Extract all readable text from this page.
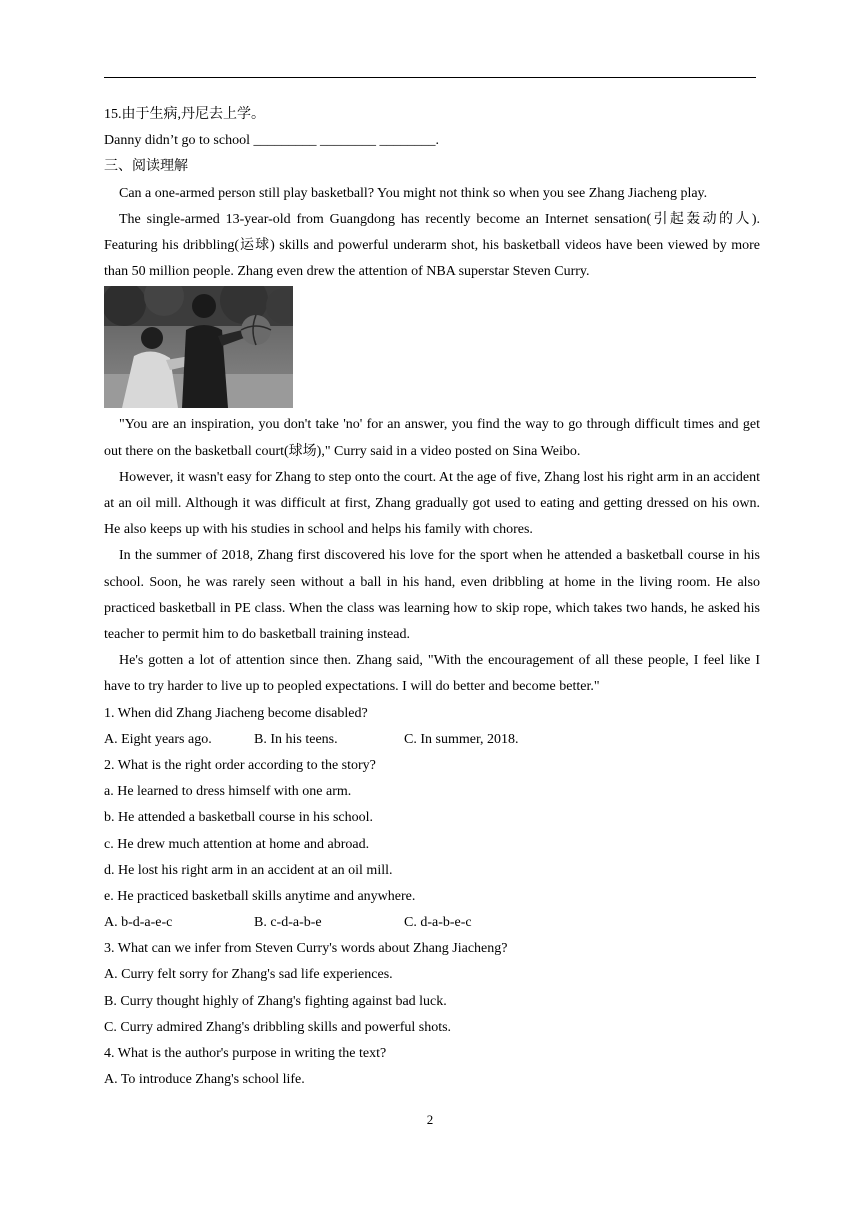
15.由于生病,丹尼去上学。
Danny didn’t go to school _________ ________ ________.
三、阅读理解

Can a one-armed person still play basketball? You might not think so when you see Zhang Jiacheng play.

The single-armed 13-year-old from Guangdong has recently become an Internet sensation(引起轰动的人). Featuring his dribbling(运球) skills and powerful underarm shot, his basketball videos have been viewed by more than 50 million people. Zhang even drew the attention of NBA superstar Steven Curry.

"You are an inspiration, you don't take 'no' for an answer, you find the way to go through difficult times and get out there on the basketball court(球场)," Curry said in a video posted on Sina Weibo.

However, it wasn't easy for Zhang to step onto the court. At the age of five, Zhang lost his right arm in an accident at an oil mill. Although it was difficult at first, Zhang gradually got used to eating and getting dressed on his own. He also keeps up with his studies in school and helps his family with chores.

In the summer of 2018, Zhang first discovered his love for the sport when he attended a basketball course in his school. Soon, he was rarely seen without a ball in his hand, even dribbling at home in the living room. He also practiced basketball in PE class. When the class was learning how to skip rope, which takes two hands, he asked his teacher to permit him to do basketball training instead.

He's gotten a lot of attention since then. Zhang said, "With the encouragement of all these people, I feel like I have to try harder to live up to peopled expectations. I will do better and become better."

1. When did Zhang Jiacheng become disabled?
A. Eight years ago.	B. In his teens.	C. In summer, 2018.
2. What is the right order according to the story?
a. He learned to dress himself with one arm.
b. He attended a basketball course in his school.
c. He drew much attention at home and abroad.
d. He lost his right arm in an accident at an oil mill.
e. He practiced basketball skills anytime and anywhere.
A. b-d-a-e-c	B. c-d-a-b-e	C. d-a-b-e-c
3. What can we infer from Steven Curry's words about Zhang Jiacheng?
A. Curry felt sorry for Zhang's sad life experiences.
B. Curry thought highly of Zhang's fighting against bad luck.
C. Curry admired Zhang's dribbling skills and powerful shots.
4. What is the author's purpose in writing the text?
A. To introduce Zhang's school life.
2
